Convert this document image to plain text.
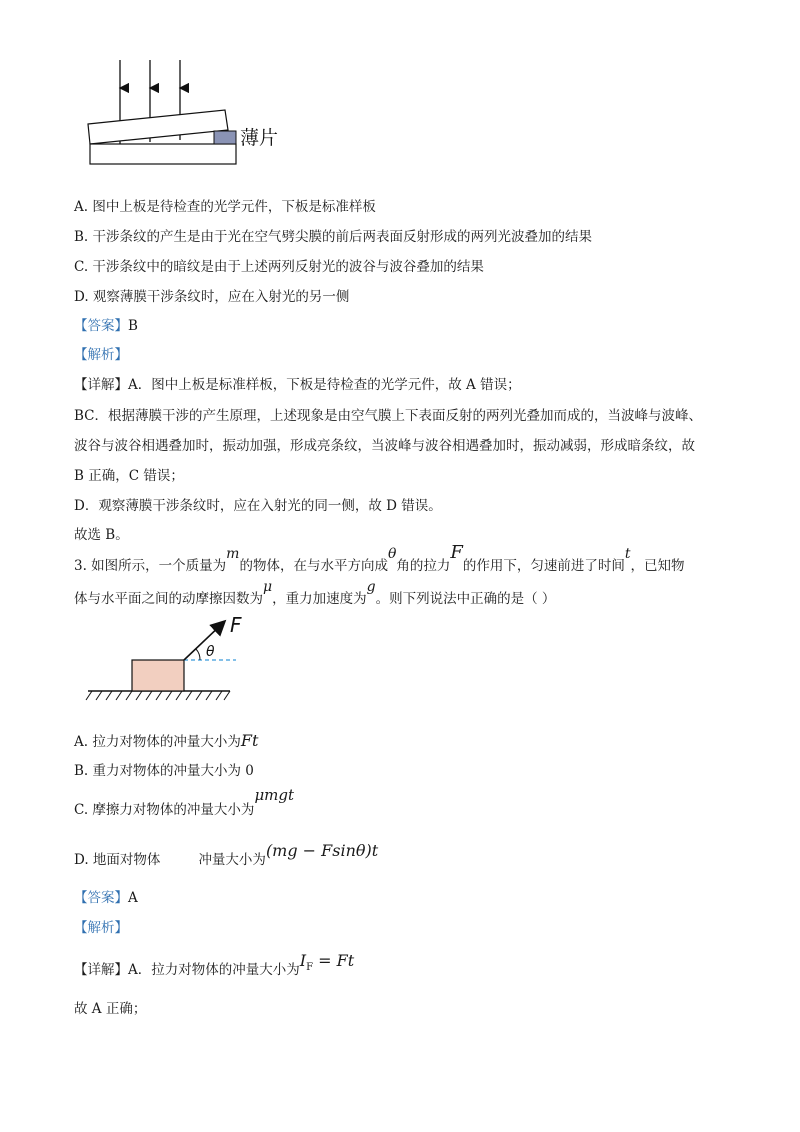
薄片
A. 图中上板是待检查的光学元件，下板是标准样板
B. 干涉条纹的产生是由于光在空气劈尖膜的前后两表面反射形成的两列光波叠加的结果
C. 干涉条纹中的暗纹是由于上述两列反射光的波谷与波谷叠加的结果
D. 观察薄膜干涉条纹时，应在入射光的另一侧
【答案】B
【解析】
【详解】A．图中上板是标准样板，下板是待检查的光学元件，故 A 错误；
BC．根据薄膜干涉的产生原理，上述现象是由空气膜上下表面反射的两列光叠加而成的，当波峰与波峰、
波谷与波谷相遇叠加时，振动加强，形成亮条纹，当波峰与波谷相遇叠加时，振动减弱，形成暗条纹，故
B 正确，C 错误；
D．观察薄膜干涉条纹时，应在入射光的同一侧，故 D 错误。
故选 B。
3. 如图所示，一个质量为m的物体，在与水平方向成θ角的拉力F的作用下，匀速前进了时间t，已知物
体与水平面之间的动摩擦因数为μ，重力加速度为g。则下列说法中正确的是（ ）
F
θ
A. 拉力对物体的冲量大小为Ft
B. 重力对物体的冲量大小为 0
C. 摩擦力对物体的冲量大小为μmgt
D. 地面对物体	冲量大小为(mg − Fsinθ)t
【答案】A
【解析】
【详解】A．拉力对物体的冲量大小为$I_F = Ft$
故 A 正确；
